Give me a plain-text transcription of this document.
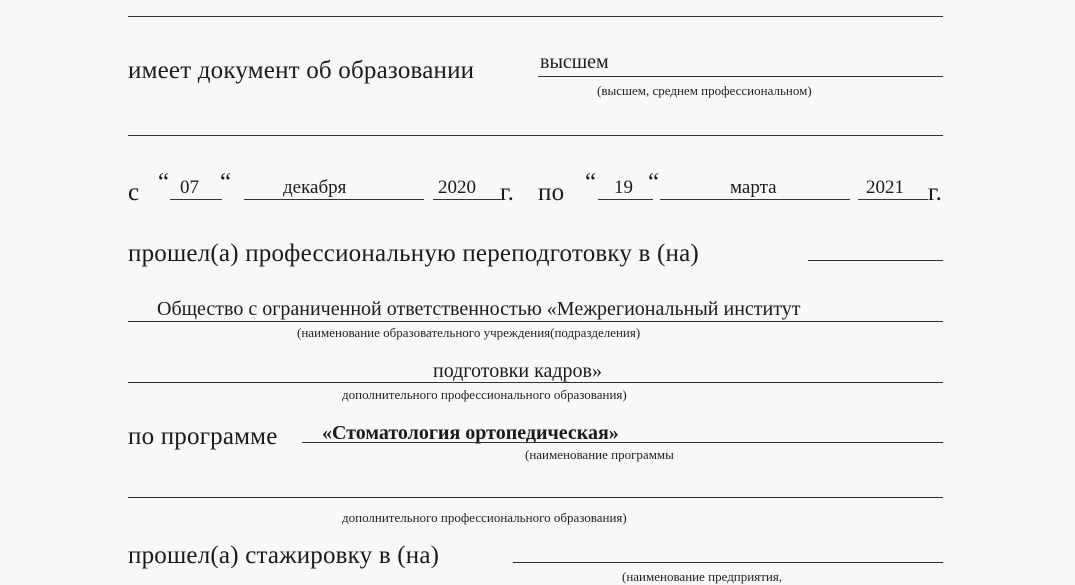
имеет документ об образовании	высшем
(высшем, среднем профессиональном)
с “ 07 “	декабря	2020 г. по “ 19 “	марта	2021 г.
прошел(а) профессиональную переподготовку в (на)
Общество с ограниченной ответственностью «Межрегиональный институт
(наименование образовательного учреждения(подразделения)
подготовки кадров»
дополнительного профессионального образования)
по программе «Стоматология ортопедическая»
(наименование программы
дополнительного профессионального образования)
прошел(а) стажировку в (на)
(наименование предприятия,
